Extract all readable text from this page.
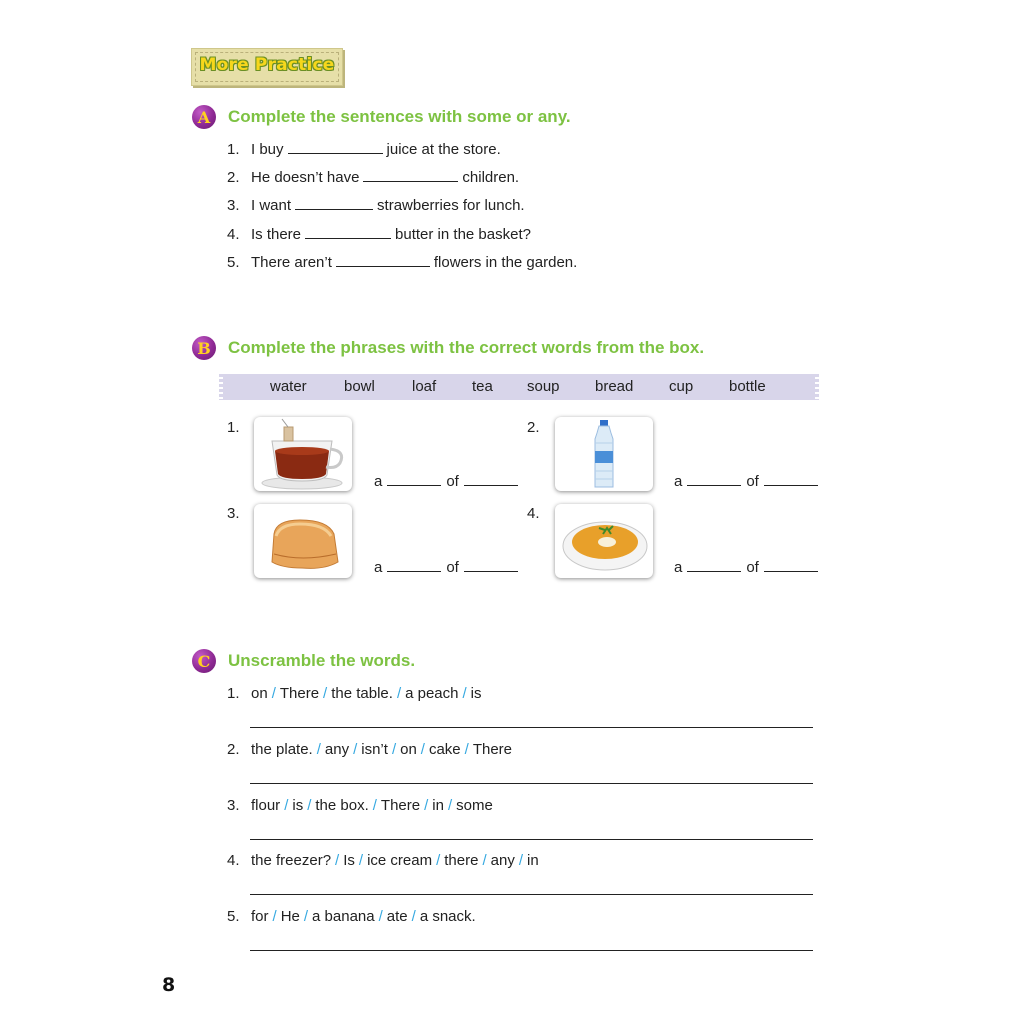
More Practice
A	Complete the sentences with some or any.
1. I buy	juice at the store.
2. He doesn’t have	children.
3. I want	strawberries for lunch.
4. Is there	butter in the basket?
5. There aren’t	flowers in the garden.
B	Complete the phrases with the correct words from the box.
water bowl loaf tea soup bread cup bottle
1.
a	of
2.
a	of
3.
a	of
4.
a	of
C	Unscramble the words.
1. on / There / the table. / a peach / is
2. the plate. / any / isn’t / on / cake / There
3. flour / is / the box. / There / in / some
4. the freezer? / Is / ice cream / there / any / in
5. for / He / a banana / ate / a snack.
8
